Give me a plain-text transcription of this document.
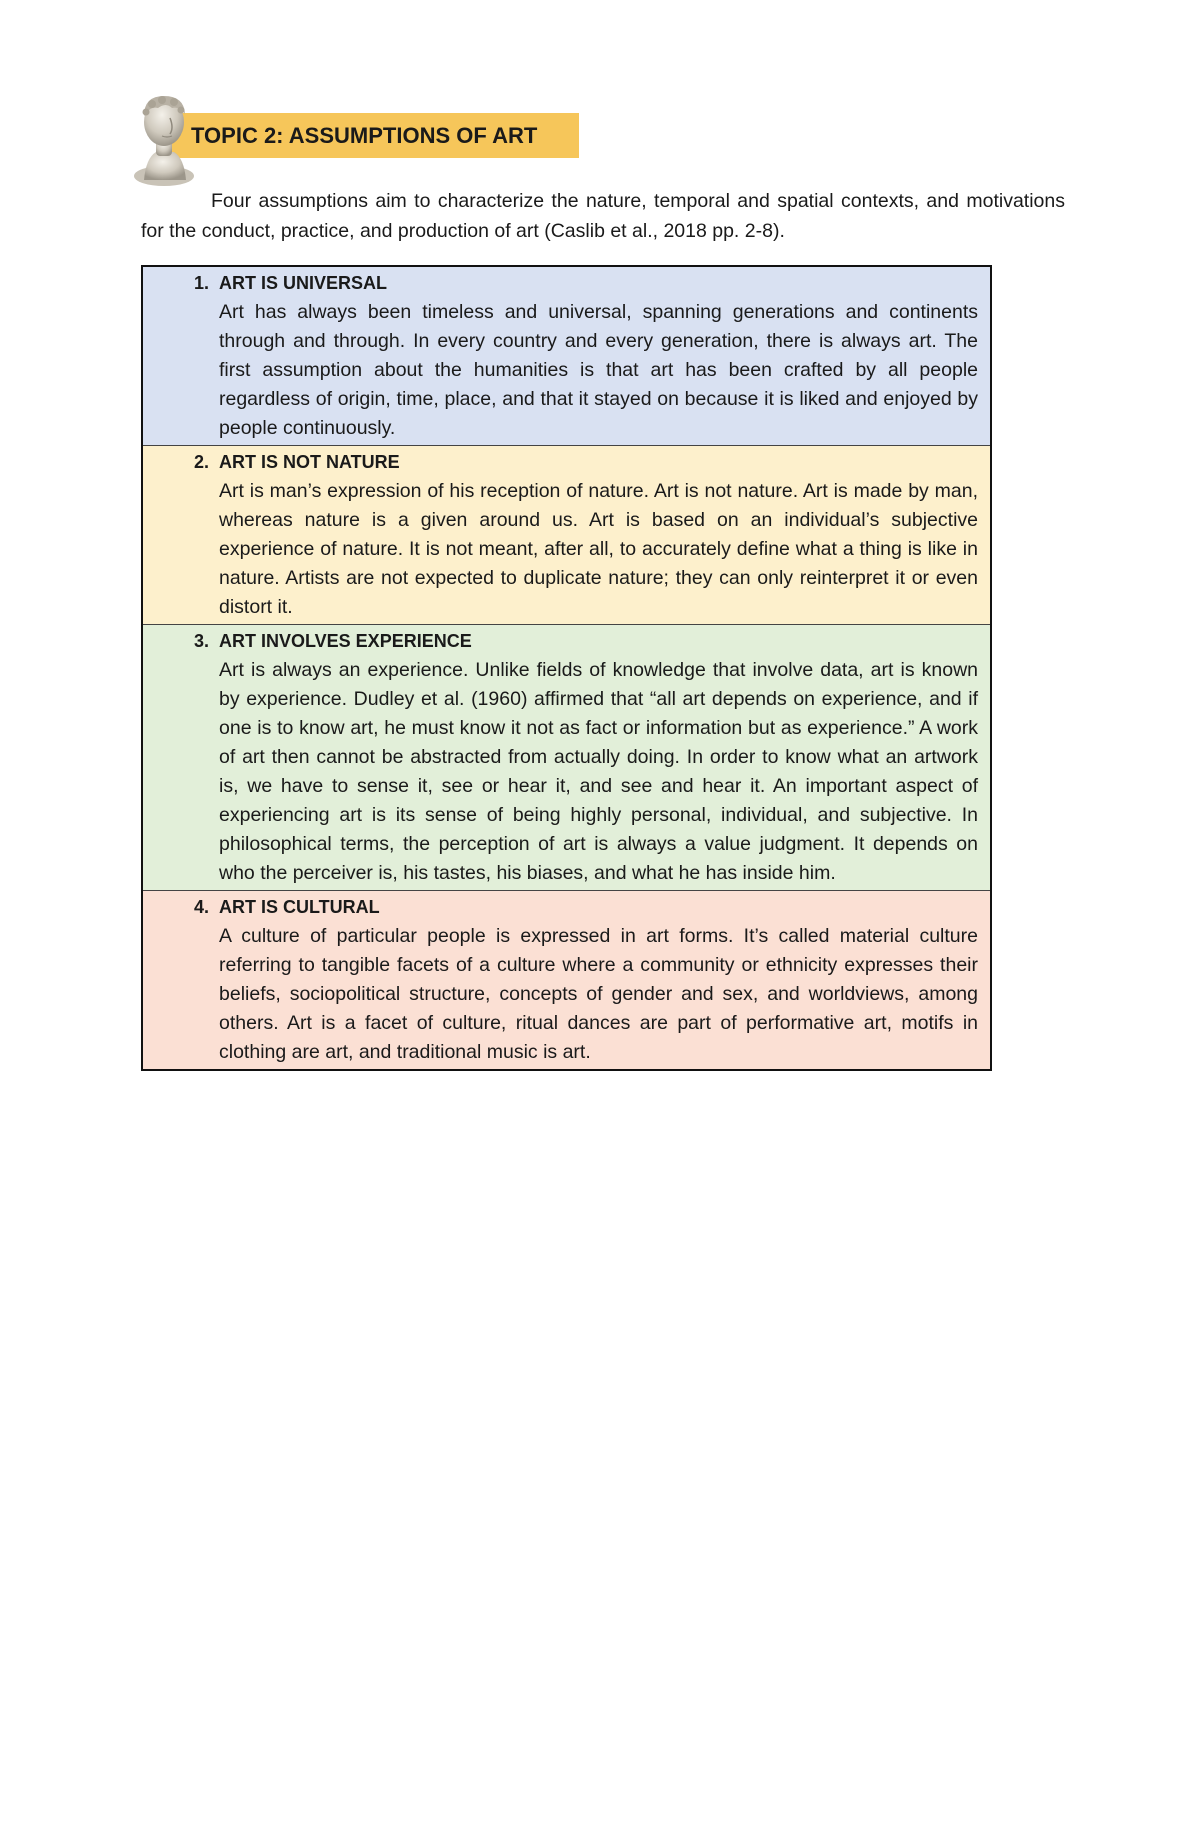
TOPIC 2: ASSUMPTIONS OF ART

Four assumptions aim to characterize the nature, temporal and spatial contexts, and motivations for the conduct, practice, and production of art (Caslib et al., 2018 pp. 2-8).

1.	ART IS UNIVERSAL

Art has always been timeless and universal, spanning generations and continents through and through. In every country and every generation, there is always art. The first assumption about the humanities is that art has been crafted by all people regardless of origin, time, place, and that it stayed on because it is liked and enjoyed by people continuously.

2.	ART IS NOT NATURE

Art is man’s expression of his reception of nature. Art is not nature. Art is made by man, whereas nature is a given around us. Art is based on an individual’s subjective experience of nature. It is not meant, after all, to accurately define what a thing is like in nature. Artists are not expected to duplicate nature; they can only reinterpret it or even distort it.

3.	ART INVOLVES EXPERIENCE

Art is always an experience. Unlike fields of knowledge that involve data, art is known by experience. Dudley et al. (1960) affirmed that “all art depends on experience, and if one is to know art, he must know it not as fact or information but as experience.” A work of art then cannot be abstracted from actually doing. In order to know what an artwork is, we have to sense it, see or hear it, and see and hear it. An important aspect of experiencing art is its sense of being highly personal, individual, and subjective. In philosophical terms, the perception of art is always a value judgment. It depends on who the perceiver is, his tastes, his biases, and what he has inside him.

4.	ART IS CULTURAL

A culture of particular people is expressed in art forms. It’s called material culture referring to tangible facets of a culture where a community or ethnicity expresses their beliefs, sociopolitical structure, concepts of gender and sex, and worldviews, among others. Art is a facet of culture, ritual dances are part of performative art, motifs in clothing are art, and traditional music is art.
